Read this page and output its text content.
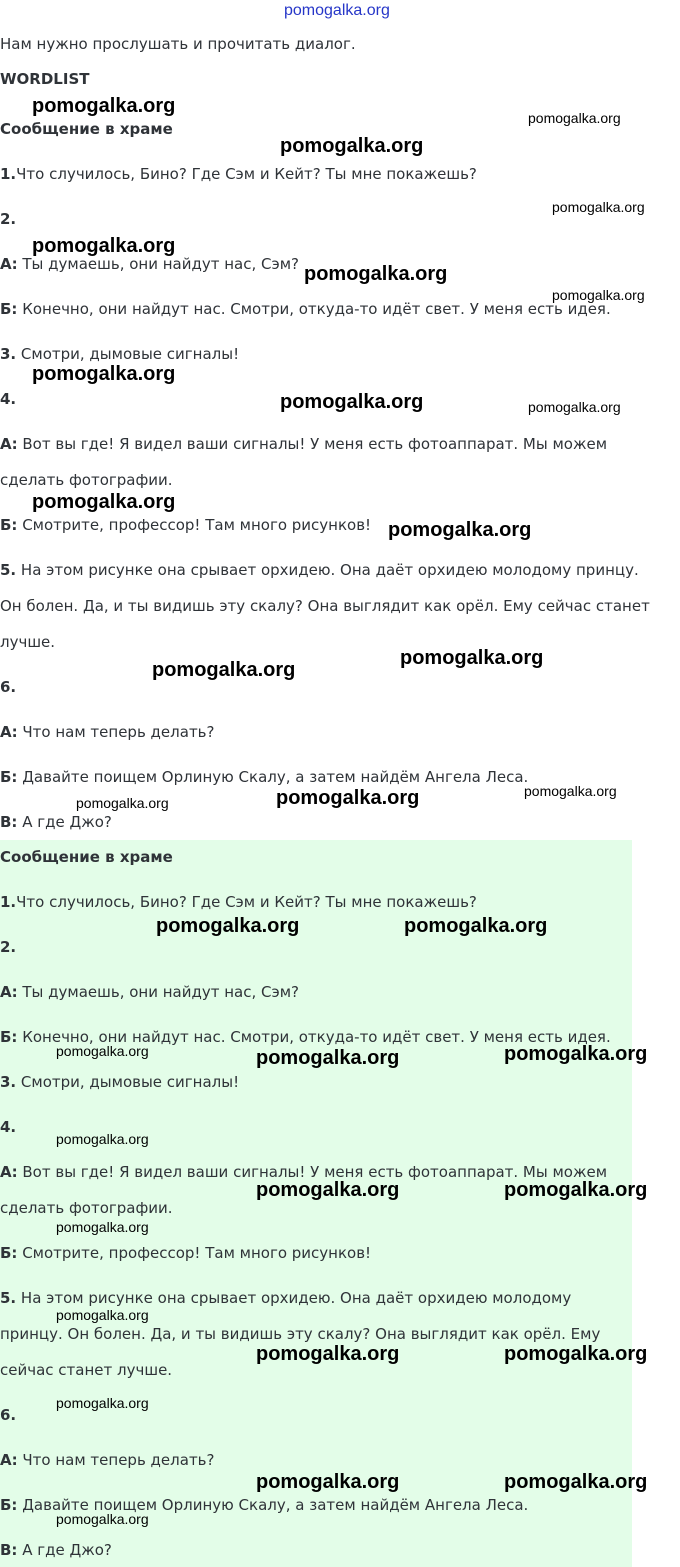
pomogalka.org
Нам нужно прослушать и прочитать диалог.
WORDLIST
Сообщение в храме
1.Что случилось, Бино? Где Сэм и Кейт? Ты мне покажешь?
2.
А: Ты думаешь, они найдут нас, Сэм?
Б: Конечно, они найдут нас. Смотри, откуда-то идёт свет. У меня есть идея.
3. Смотри, дымовые сигналы!
4.
А: Вот вы где! Я видел ваши сигналы! У меня есть фотоаппарат. Мы можем
сделать фотографии.
Б: Смотрите, профессор! Там много рисунков!
5. На этом рисунке она срывает орхидею. Она даёт орхидею молодому принцу.
Он болен. Да, и ты видишь эту скалу? Она выглядит как орёл. Ему сейчас станет
лучше.
6.
А: Что нам теперь делать?
Б: Давайте поищем Орлиную Скалу, а затем найдём Ангела Леса.
В: А где Джо?
Сообщение в храме
1.Что случилось, Бино? Где Сэм и Кейт? Ты мне покажешь?
2.
А: Ты думаешь, они найдут нас, Сэм?
Б: Конечно, они найдут нас. Смотри, откуда-то идёт свет. У меня есть идея.
3. Смотри, дымовые сигналы!
4.
А: Вот вы где! Я видел ваши сигналы! У меня есть фотоаппарат. Мы можем
сделать фотографии.
Б: Смотрите, профессор! Там много рисунков!
5. На этом рисунке она срывает орхидею. Она даёт орхидею молодому
принцу. Он болен. Да, и ты видишь эту скалу? Она выглядит как орёл. Ему
сейчас станет лучше.
6.
А: Что нам теперь делать?
Б: Давайте поищем Орлиную Скалу, а затем найдём Ангела Леса.
В: А где Джо?
pomogalka.org
pomogalka.org
pomogalka.org
pomogalka.org
pomogalka.org
pomogalka.org
pomogalka.org
pomogalka.org
pomogalka.org	pomogalka.org
pomogalka.org
pomogalka.org
pomogalka.org
pomogalka.org
pomogalka.org
pomogalka.org
pomogalka.org
pomogalka.org	pomogalka.org
pomogalka.org	pomogalka.org
pomogalka.org
pomogalka.org
pomogalka.org	pomogalka.org
pomogalka.org
pomogalka.org
pomogalka.org	pomogalka.org
pomogalka.org
pomogalka.org	pomogalka.org
pomogalka.org
